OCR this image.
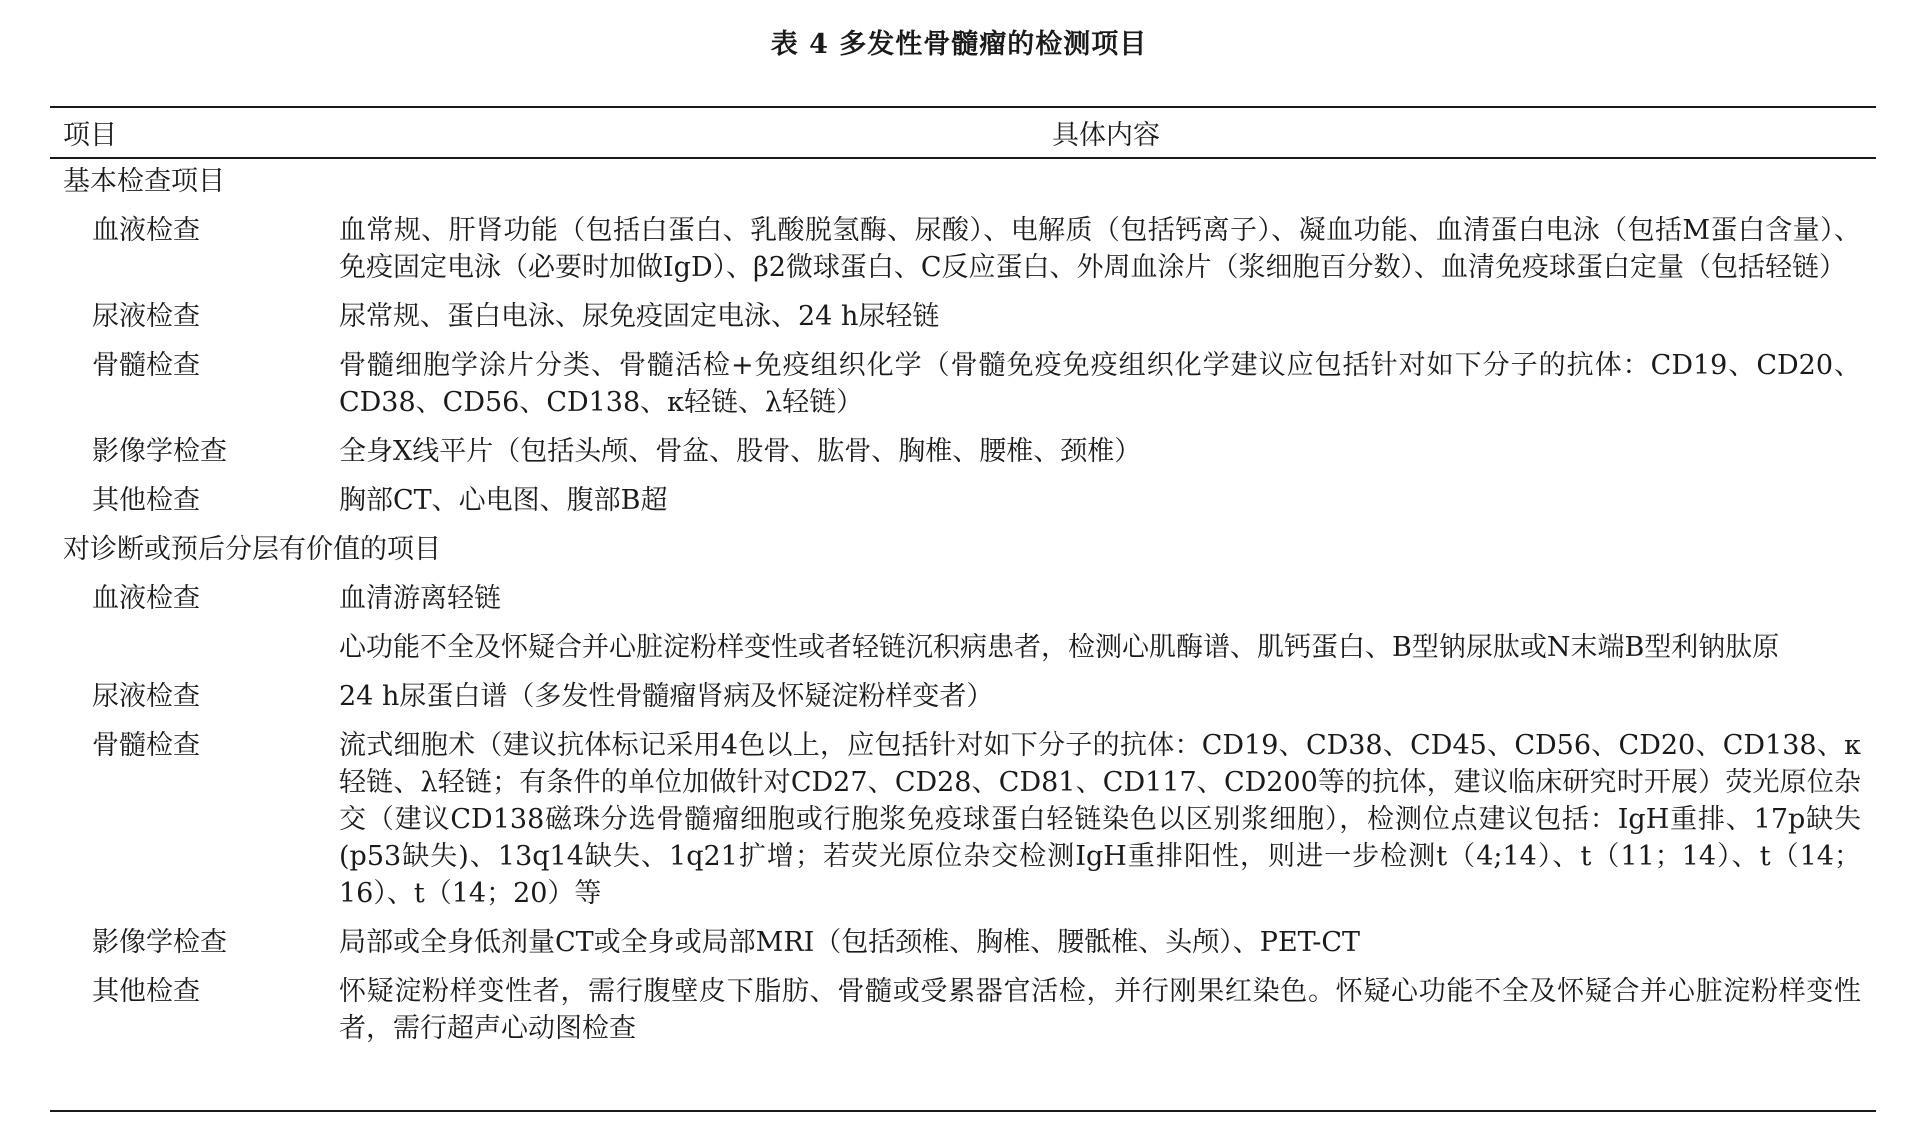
表 4 多发性骨髓瘤的检测项目
项目	具体内容
基本检查项目
血液检查	血常规、肝肾功能（包括白蛋白、乳酸脱氢酶、尿酸）、电解质（包括钙离子）、凝血功能、血清蛋白电泳（包括M蛋白含量）、免疫固定电泳（必要时加做IgD）、β2微球蛋白、C反应蛋白、外周血涂片（浆细胞百分数）、血清免疫球蛋白定量（包括轻链）
尿液检查	尿常规、蛋白电泳、尿免疫固定电泳、24 h尿轻链
骨髓检查	骨髓细胞学涂片分类、骨髓活检+免疫组织化学（骨髓免疫免疫组织化学建议应包括针对如下分子的抗体：CD19、CD20、CD38、CD56、CD138、κ轻链、λ轻链）
影像学检查	全身X线平片（包括头颅、骨盆、股骨、肱骨、胸椎、腰椎、颈椎）
其他检查	胸部CT、心电图、腹部B超
对诊断或预后分层有价值的项目
血液检查	血清游离轻链
心功能不全及怀疑合并心脏淀粉样变性或者轻链沉积病患者，检测心肌酶谱、肌钙蛋白、B型钠尿肽或N末端B型利钠肽原
尿液检查	24 h尿蛋白谱（多发性骨髓瘤肾病及怀疑淀粉样变者）
骨髓检查	流式细胞术（建议抗体标记采用4色以上，应包括针对如下分子的抗体：CD19、CD38、CD45、CD56、CD20、CD138、κ轻链、λ轻链；有条件的单位加做针对CD27、CD28、CD81、CD117、CD200等的抗体，建议临床研究时开展）荧光原位杂交（建议CD138磁珠分选骨髓瘤细胞或行胞浆免疫球蛋白轻链染色以区别浆细胞），检测位点建议包括：IgH重排、17p缺失(p53缺失)、13q14缺失、1q21扩增；若荧光原位杂交检测IgH重排阳性，则进一步检测t（4;14）、t（11；14）、t（14；16）、t（14；20）等
影像学检查	局部或全身低剂量CT或全身或局部MRI（包括颈椎、胸椎、腰骶椎、头颅）、PET-CT
其他检查	怀疑淀粉样变性者，需行腹壁皮下脂肪、骨髓或受累器官活检，并行刚果红染色。怀疑心功能不全及怀疑合并心脏淀粉样变性者，需行超声心动图检查
